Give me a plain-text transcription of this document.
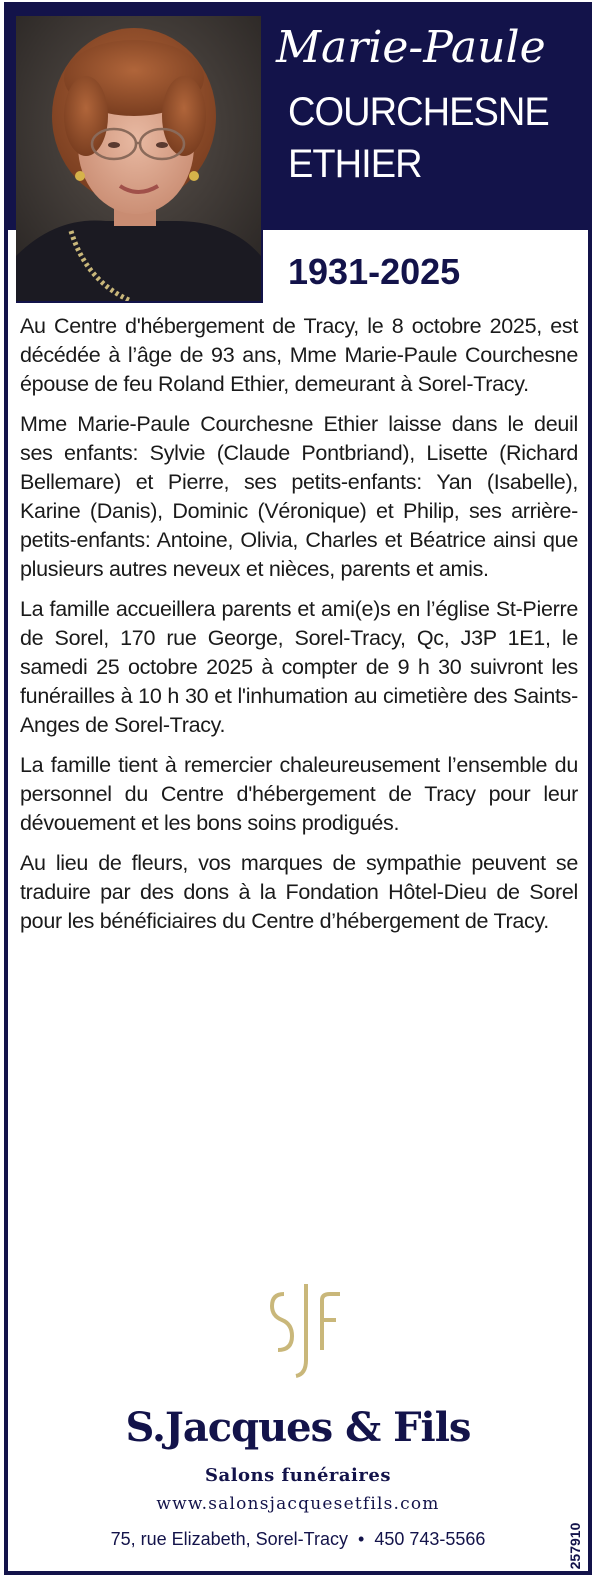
Marie-Paule
COURCHESNE
ETHIER
1931-2025

Au Centre d'hébergement de Tracy, le 8 octobre 2025, est décédée à l’âge de 93 ans, Mme Marie-Paule Courchesne épouse de feu Roland Ethier, demeurant à Sorel-Tracy.

Mme Marie-Paule Courchesne Ethier laisse dans le deuil ses enfants: Sylvie (Claude Pontbriand), Lisette (Richard Bellemare) et Pierre, ses petits-enfants: Yan (Isabelle), Karine (Danis), Dominic (Véronique) et Philip, ses arrière-petits-enfants: Antoine, Olivia, Charles et Béatrice ainsi que plusieurs autres neveux et nièces, parents et amis.

La famille accueillera parents et ami(e)s en l’église St-Pierre de Sorel, 170 rue George, Sorel-Tracy, Qc, J3P 1E1, le samedi 25 octobre 2025 à compter de 9 h 30 suivront les funérailles à 10 h 30 et l'inhumation au cimetière des Saints-Anges de Sorel-Tracy.

La famille tient à remercier chaleureusement l’ensemble du personnel du Centre d'hébergement de Tracy pour leur dévouement et les bons soins prodigués.

Au lieu de fleurs, vos marques de sympathie peuvent se traduire par des dons à la Fondation Hôtel-Dieu de Sorel pour les bénéficiaires du Centre d’hébergement de Tracy.

S.Jacques & Fils
Salons funéraires
www.salonsjacquesetfils.com
75, rue Elizabeth, Sorel-Tracy • 450 743-5566	257910
